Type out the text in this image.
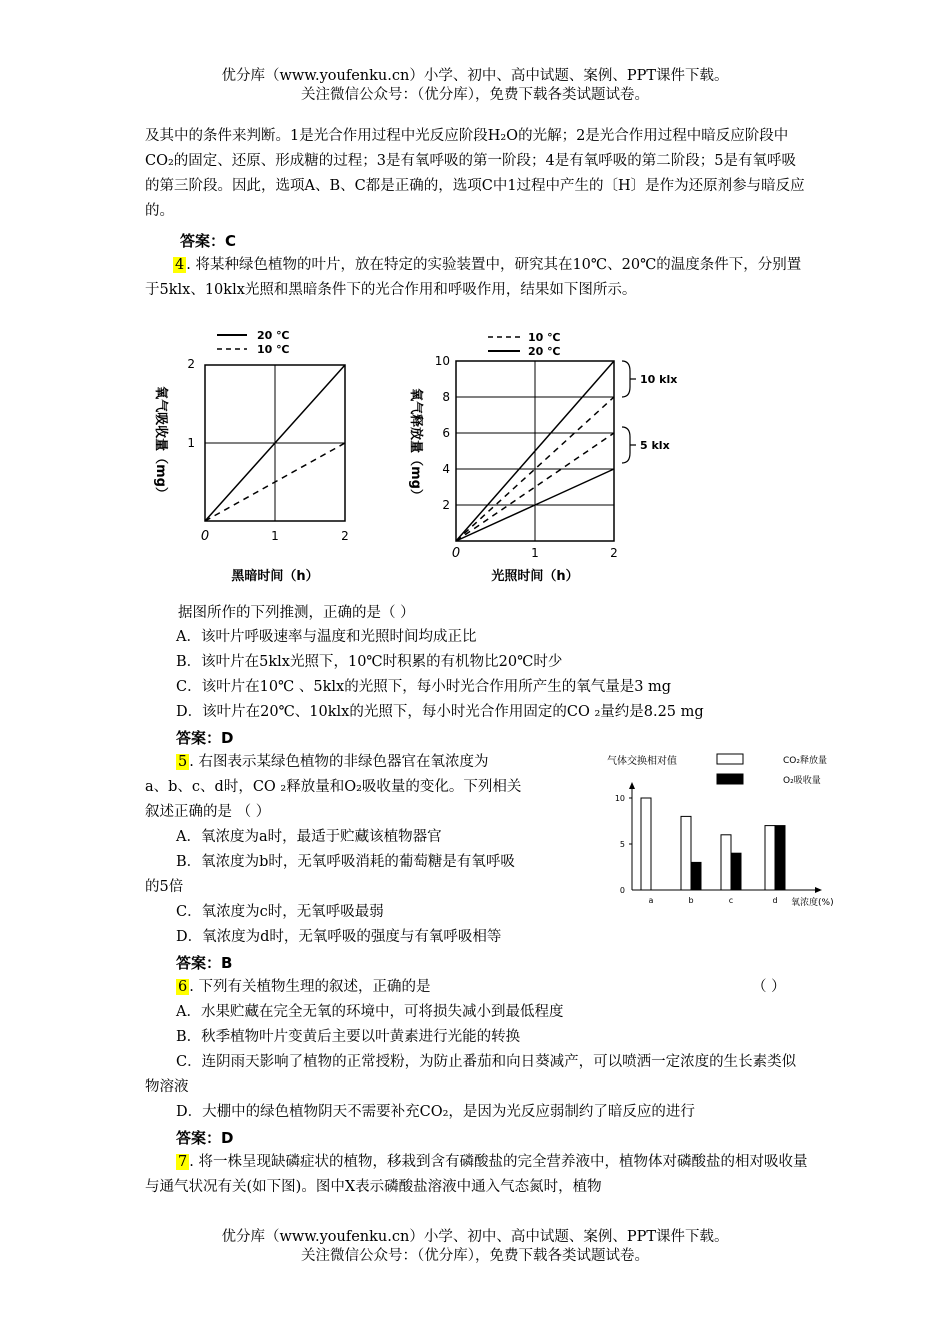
优分库（www.youfenku.cn）小学、初中、高中试题、案例、PPT课件下载。
关注微信公众号：（优分库），免费下载各类试题试卷。

及其中的条件来判断。1是光合作用过程中光反应阶段H₂O的光解；2是光合作用过程中暗反应阶段中CO₂的固定、还原、形成糖的过程；3是有氧呼吸的第一阶段；4是有氧呼吸的第二阶段；5是有氧呼吸的第三阶段。因此，选项A、B、C都是正确的，选项C中1过程中产生的〔H〕是作为还原剂参与暗反应的。

答案：C

4 . 将某种绿色植物的叶片，放在特定的实验装置中，研究其在10℃、20℃的温度条件下，分别置于5klx、10klx光照和黑暗条件下的光合作用和呼吸作用，结果如下图所示。

20 ℃
10 ℃
2
1
0	1	2
氧气吸收量（mg）
黑暗时间（h）
10 ℃
20 ℃
10
8
6
4
2
0	1	2
10 klx
5 klx
氧气释放量（mg）
光照时间（h）
据图所作的下列推测，正确的是（ ）
A．该叶片呼吸速率与温度和光照时间均成正比
B．该叶片在5klx光照下，10℃时积累的有机物比20℃时少
C．该叶片在10℃ 、5klx的光照下，每小时光合作用所产生的氧气量是3 mg
D．该叶片在20℃、10klx的光照下，每小时光合作用固定的CO ₂量约是8.25 mg
答案：D
5 . 右图表示某绿色植物的非绿色器官在氧浓度为
a、b、c、d时，CO ₂释放量和O₂吸收量的变化。下列相关
叙述正确的是 （ ）
A．氧浓度为a时，最适于贮藏该植物器官
B．氧浓度为b时，无氧呼吸消耗的葡萄糖是有氧呼吸
的5倍
C．氧浓度为c时，无氧呼吸最弱
D．氧浓度为d时，无氧呼吸的强度与有氧呼吸相等
答案：B
气体交换相对值	CO₂释放量
O₂吸收量
10
5
0
a	b	c	d 氧浓度(%)
6 . 下列有关植物生理的叙述，正确的是	（ ）
A．水果贮藏在完全无氧的环境中，可将损失减小到最低程度
B．秋季植物叶片变黄后主要以叶黄素进行光能的转换

C．连阴雨天影响了植物的正常授粉，为防止番茄和向日葵减产，可以喷洒一定浓度的生长素类似物溶液

D．大棚中的绿色植物阴天不需要补充CO₂，是因为光反应弱制约了暗反应的进行
答案：D

7 . 将一株呈现缺磷症状的植物，移栽到含有磷酸盐的完全营养液中，植物体对磷酸盐的相对吸收量与通气状况有关(如下图)。图中X表示磷酸盐溶液中通入气态氮时，植物

优分库（www.youfenku.cn）小学、初中、高中试题、案例、PPT课件下载。
关注微信公众号：（优分库），免费下载各类试题试卷。
